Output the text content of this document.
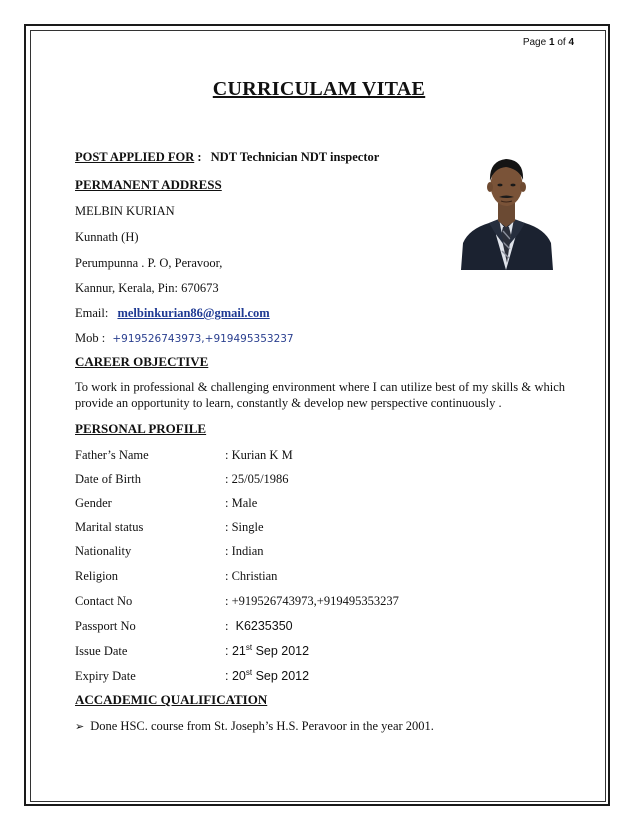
Page 1 of 4
CURRICULAM VITAE
POST APPLIED FOR : NDT Technician NDT inspector
PERMANENT ADDRESS
MELBIN KURIAN
Kunnath (H)
Perumpunna . P. O, Peravoor,
Kannur, Kerala, Pin: 670673
Email: melbinkurian86@gmail.com
Mob : +919526743973,+919495353237
CAREER OBJECTIVE
To work in professional & challenging environment where I can utilize best of my skills & which provide an opportunity to learn, constantly & develop new perspective continuously .
PERSONAL PROFILE
Father’s Name	: Kurian K M
Date of Birth	: 25/05/1986
Gender	: Male
Marital status	: Single
Nationality	: Indian
Religion	: Christian
Contact No	: +919526743973,+919495353237
Passport No	: K6235350
Issue Date	: 21st Sep 2012
Expiry Date	: 20st Sep 2012
ACCADEMIC QUALIFICATION
➢ Done HSC. course from St. Joseph’s H.S. Peravoor in the year 2001.
